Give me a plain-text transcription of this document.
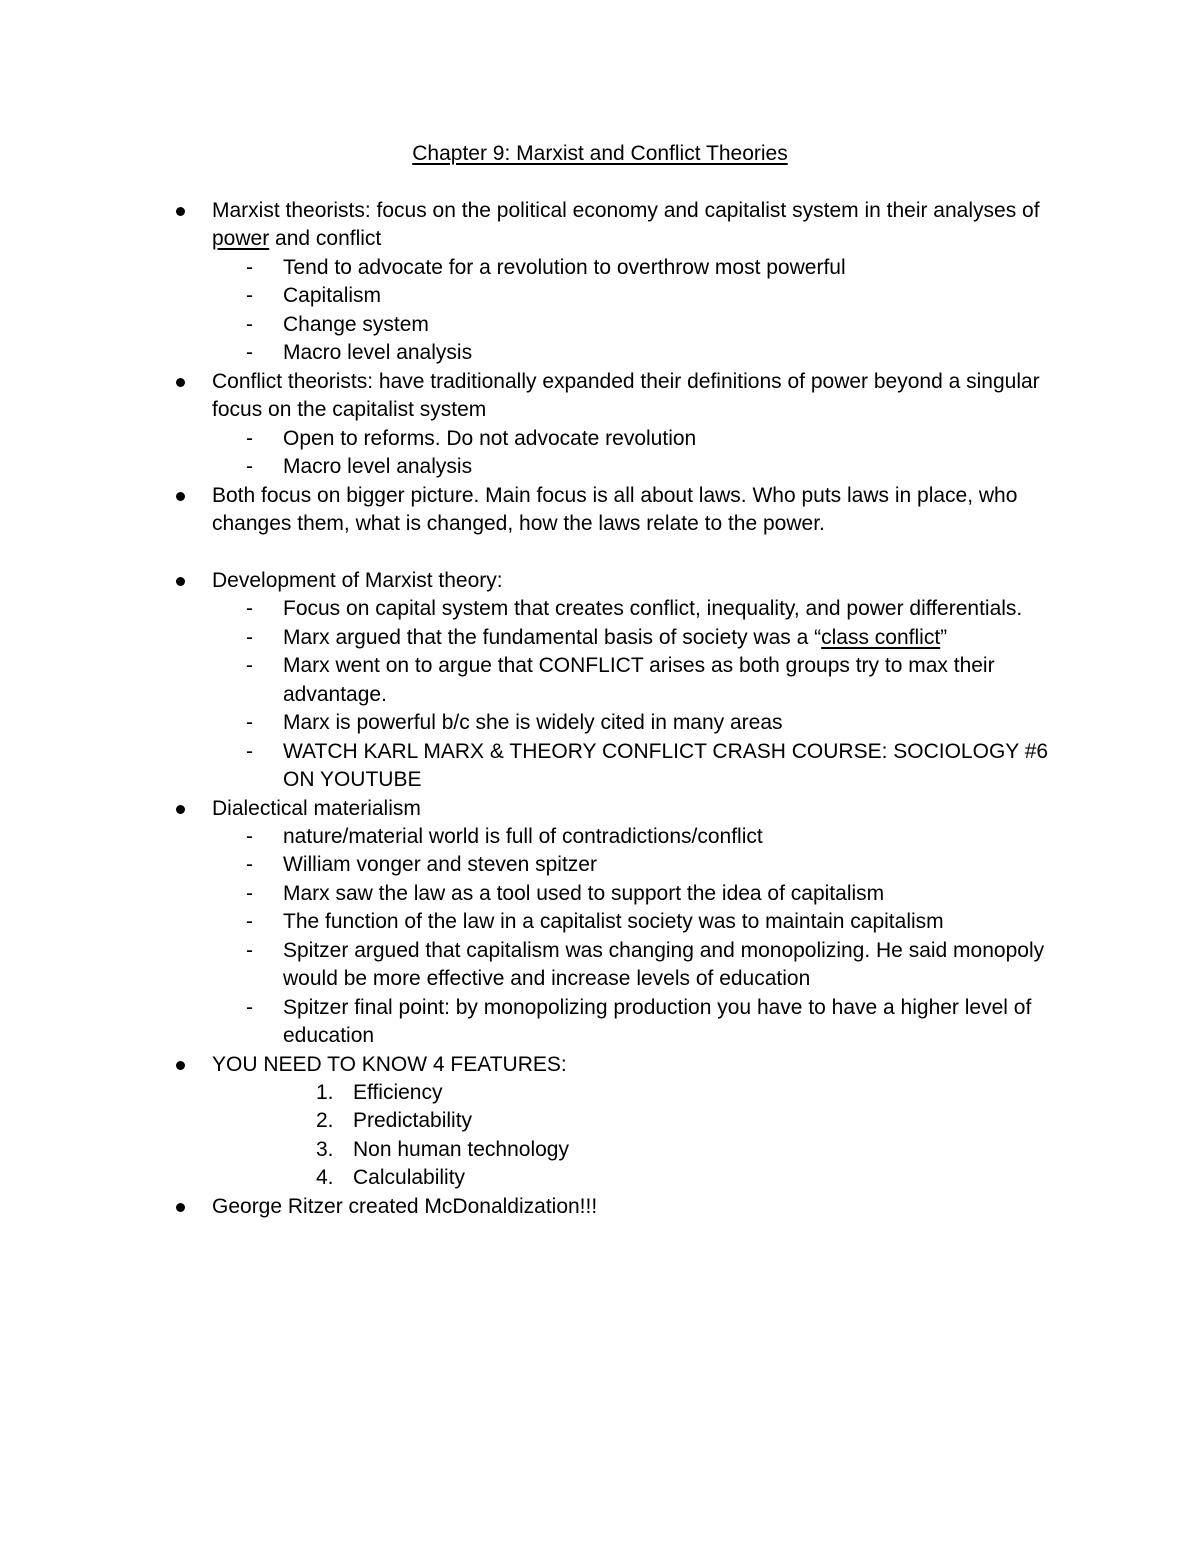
Chapter 9: Marxist and Conflict Theories
Marxist theorists: focus on the political economy and capitalist system in their analyses of power and conflict
- Tend to advocate for a revolution to overthrow most powerful
- Capitalism
- Change system
- Macro level analysis
Conflict theorists: have traditionally expanded their definitions of power beyond a singular focus on the capitalist system
- Open to reforms. Do not advocate revolution
- Macro level analysis
Both focus on bigger picture. Main focus is all about laws. Who puts laws in place, who changes them, what is changed, how the laws relate to the power.
Development of Marxist theory:
- Focus on capital system that creates conflict, inequality, and power differentials.
- Marx argued that the fundamental basis of society was a “class conflict”
- Marx went on to argue that CONFLICT arises as both groups try to max their advantage.
- Marx is powerful b/c she is widely cited in many areas
- WATCH KARL MARX & THEORY CONFLICT CRASH COURSE: SOCIOLOGY #6 ON YOUTUBE
Dialectical materialism
- nature/material world is full of contradictions/conflict
- William vonger and steven spitzer
- Marx saw the law as a tool used to support the idea of capitalism
- The function of the law in a capitalist society was to maintain capitalism
- Spitzer argued that capitalism was changing and monopolizing. He said monopoly would be more effective and increase levels of education
- Spitzer final point: by monopolizing production you have to have a higher level of education
YOU NEED TO KNOW 4 FEATURES:
1. Efficiency
2. Predictability
3. Non human technology
4. Calculability
George Ritzer created McDonaldization!!!
